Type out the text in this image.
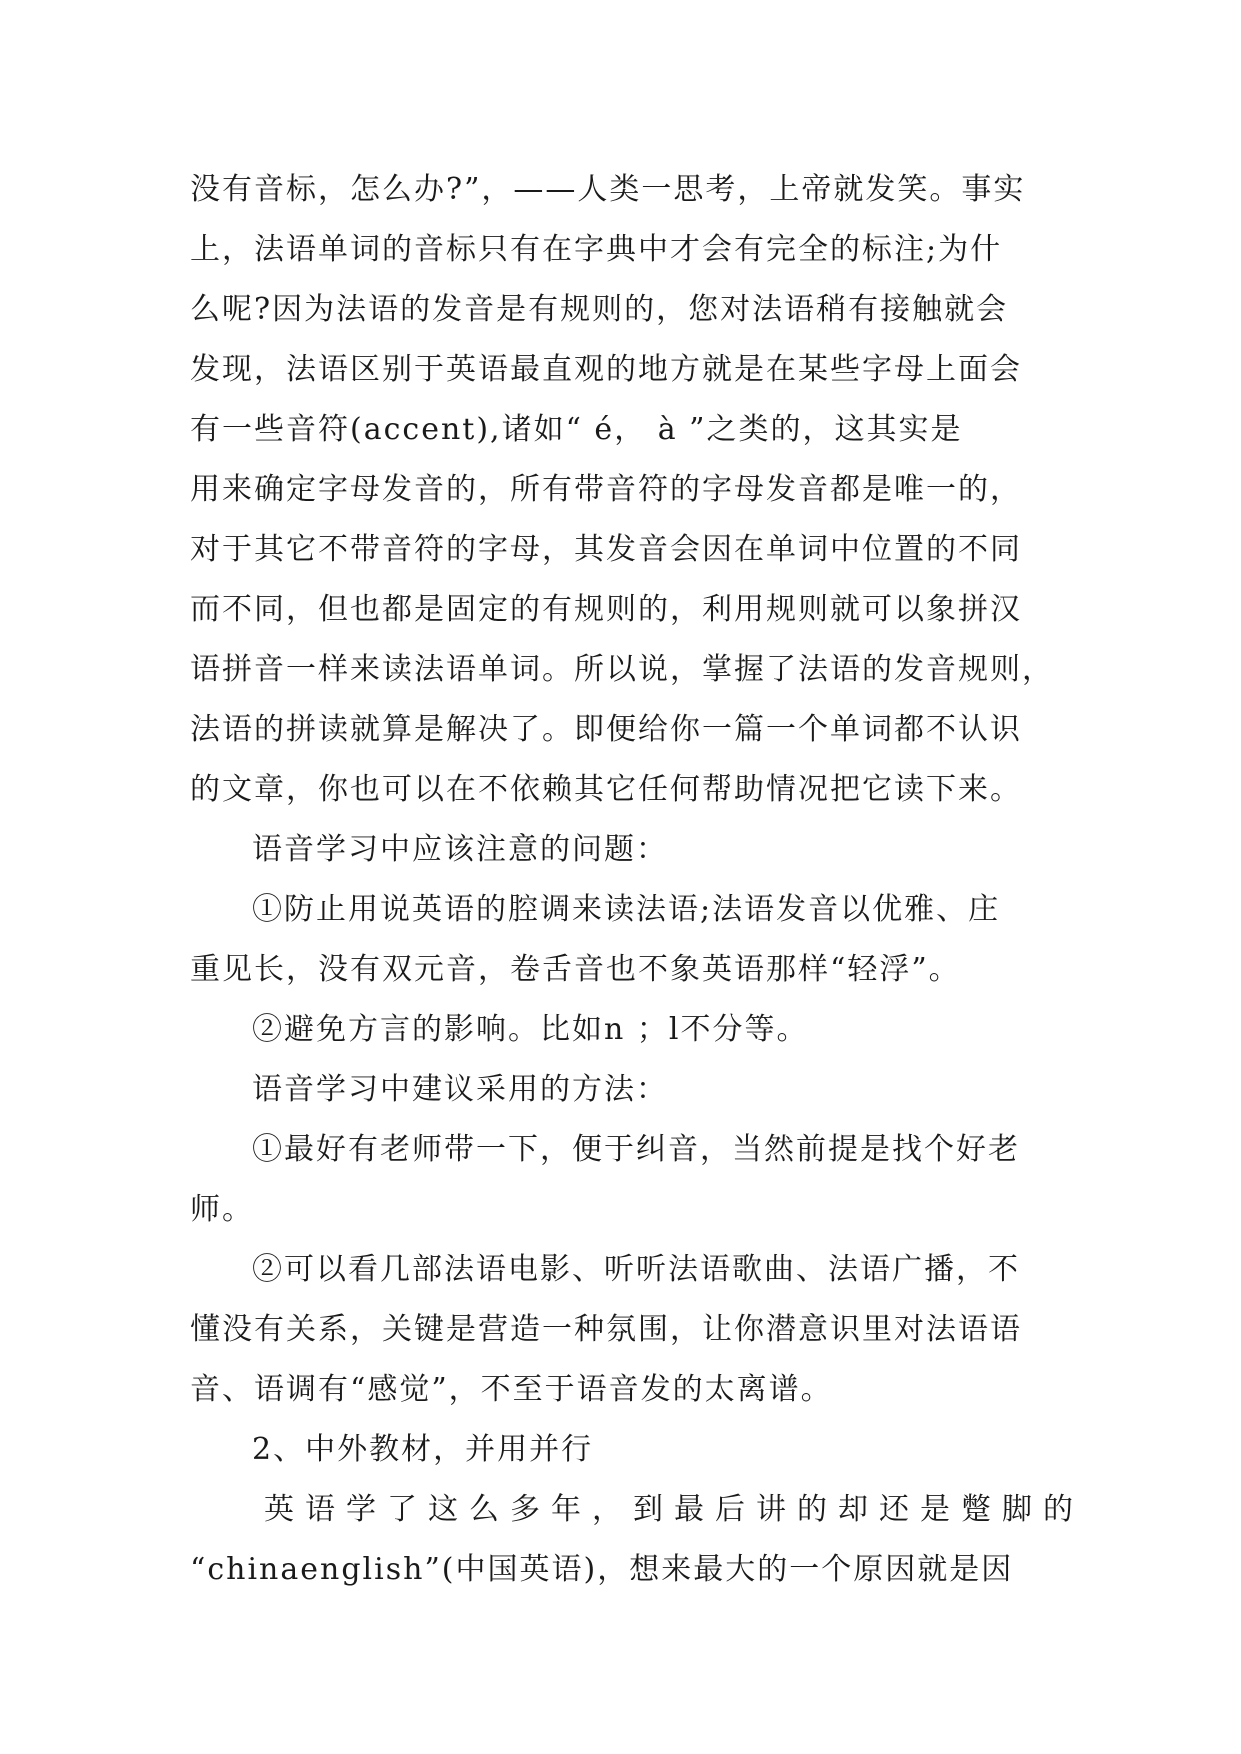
没有音标，怎么办?”，——人类一思考，上帝就发笑。事实
上，法语单词的音标只有在字典中才会有完全的标注;为什
么呢?因为法语的发音是有规则的，您对法语稍有接触就会
发现，法语区别于英语最直观的地方就是在某些字母上面会
有一些音符(accent),诸如“ é， à ”之类的，这其实是
用来确定字母发音的，所有带音符的字母发音都是唯一的，
对于其它不带音符的字母，其发音会因在单词中位置的不同
而不同，但也都是固定的有规则的，利用规则就可以象拼汉
语拼音一样来读法语单词。所以说，掌握了法语的发音规则，
法语的拼读就算是解决了。即便给你一篇一个单词都不认识
的文章，你也可以在不依赖其它任何帮助情况把它读下来。
语音学习中应该注意的问题：
①防止用说英语的腔调来读法语;法语发音以优雅、庄
重见长，没有双元音，卷舌音也不象英语那样“轻浮”。
②避免方言的影响。比如n ；l不分等。
语音学习中建议采用的方法：
①最好有老师带一下，便于纠音，当然前提是找个好老
师。
②可以看几部法语电影、听听法语歌曲、法语广播，不
懂没有关系，关键是营造一种氛围，让你潜意识里对法语语
音、语调有“感觉”，不至于语音发的太离谱。
2、中外教材，并用并行
英语学了这么多年，到最后讲的却还是蹩脚的
“chinaenglish”(中国英语)，想来最大的一个原因就是因
